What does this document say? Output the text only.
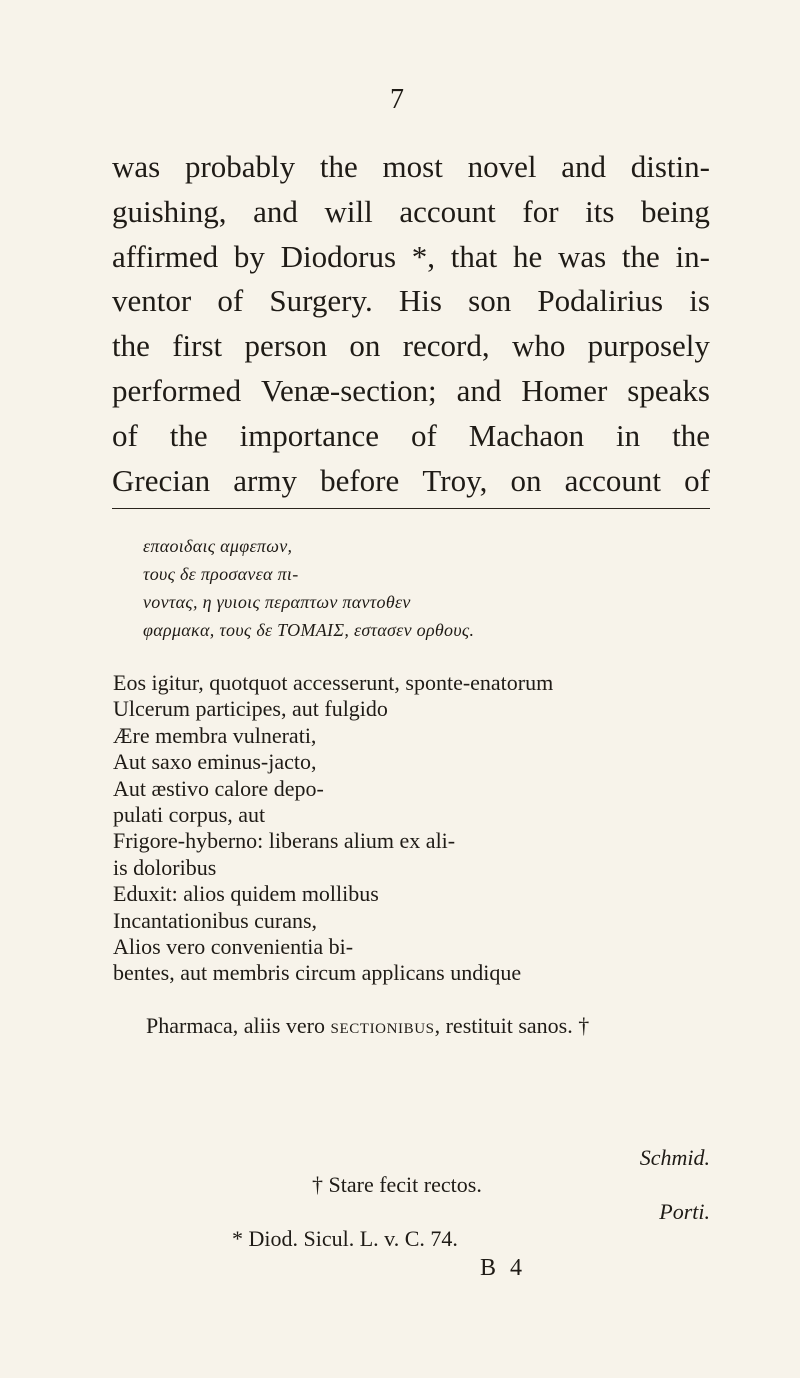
7
was probably the most novel and distin-
guishing, and will account for its being
affirmed by Diodorus *, that he was the in-
ventor of Surgery. His son Podalirius is
the first person on record, who purposely
performed Venæ-section; and Homer speaks
of the importance of Machaon in the
Grecian army before Troy, on account of
επαοιδαις αμφεπων,
τους δε προσανεα πι-
νοντας, η γυιοις περαπτων παντοθεν
φαρμακα, τους δε ΤΟΜΑΙΣ, εστασεν ορθους.
Eos igitur, quotquot accesserunt, sponte-enatorum
Ulcerum participes, aut fulgido
Ære membra vulnerati,
Aut saxo eminus-jacto,
Aut æstivo calore depo-
pulati corpus, aut
Frigore-hyberno: liberans alium ex ali-
is doloribus
Eduxit: alios quidem mollibus
Incantationibus curans,
Alios vero convenientia bi-
bentes, aut membris circum applicans undique

Pharmaca, aliis vero sectionibus, restituit sanos. †

Schmid.
† Stare fecit rectos.
Porti.
* Diod. Sicul. L. v. C. 74.
B 4
